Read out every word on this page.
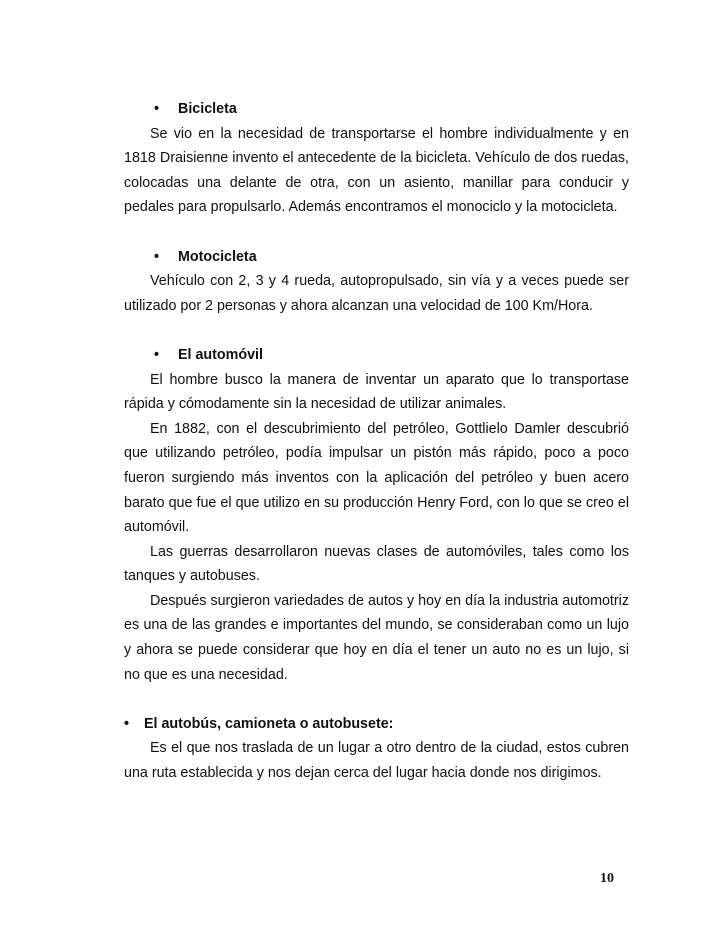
•	Bicicleta

Se vio en la necesidad de transportarse el hombre individualmente y en 1818 Draisienne invento el antecedente de la bicicleta. Vehículo de dos ruedas, colocadas una delante de otra, con un asiento, manillar para conducir y pedales para propulsarlo. Además encontramos el monociclo y la motocicleta.

•	Motocicleta

Vehículo con 2, 3 y 4 rueda, autopropulsado, sin vía y a veces puede ser utilizado por 2 personas y ahora alcanzan una velocidad de 100 Km/Hora.

•	El automóvil

El hombre busco la manera de inventar un aparato que lo transportase rápida y cómodamente sin la necesidad de utilizar animales.

En 1882, con el descubrimiento del petróleo, Gottlielo Damler descubrió que utilizando petróleo, podía impulsar un pistón más rápido, poco a poco fueron surgiendo más inventos con la aplicación del petróleo y buen acero barato que fue el que utilizo en su producción Henry Ford, con lo que se creo el automóvil.

Las guerras desarrollaron nuevas clases de automóviles, tales como los tanques y autobuses.

Después surgieron variedades de autos y hoy en día la industria automotriz es una de las grandes e importantes del mundo, se consideraban como un lujo y ahora se puede considerar que hoy en día el tener un auto no es un lujo, si no que es una necesidad.

•	El autobús, camioneta o autobusete:

Es el que nos traslada de un lugar a otro dentro de la ciudad, estos cubren una ruta establecida y nos dejan cerca del lugar hacia donde nos dirigimos.

10
